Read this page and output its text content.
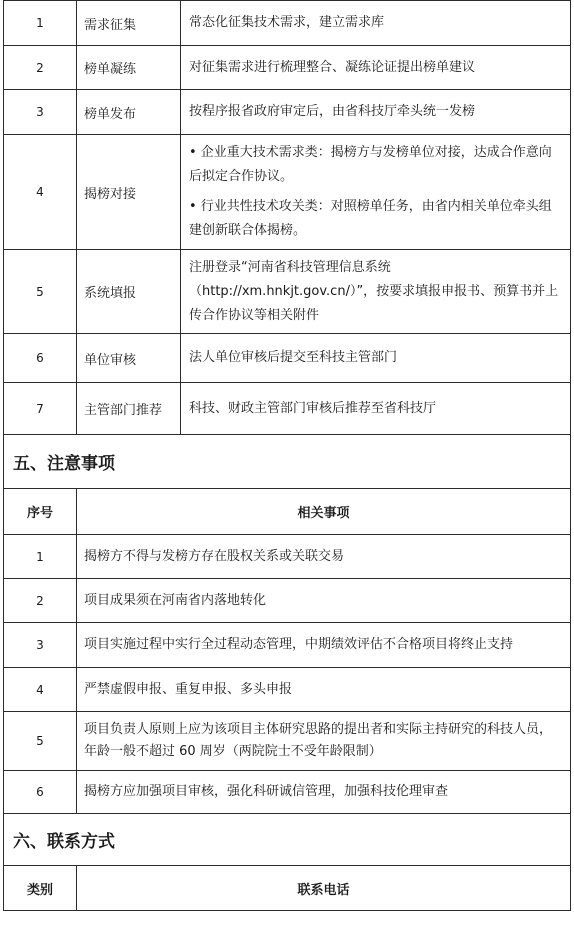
1	需求征集	常态化征集技术需求，建立需求库

2	榜单凝练	对征集需求进行梳理整合、凝练论证提出榜单建议

3	榜单发布	按程序报省政府审定后，由省科技厅牵头统一发榜

4	揭榜对接	• 企业重大技术需求类：揭榜方与发榜单位对接，达成合作意向后拟定合作协议。

• 行业共性技术攻关类：对照榜单任务，由省内相关单位牵头组建创新联合体揭榜。

5	系统填报	注册登录“河南省科技管理信息系统（http://xm.hnkjt.gov.cn/）”，按要求填报申报书、预算书并上传合作协议等相关附件

6	单位审核	法人单位审核后提交至科技主管部门

7	主管部门推荐	科技、财政主管部门审核后推荐至省科技厅

五、注意事项		
序号	相关事项	
1	揭榜方不得与发榜方存在股权关系或关联交易	
2	项目成果须在河南省内落地转化	
3	项目实施过程中实行全过程动态管理，中期绩效评估不合格项目将终止支持	
4	严禁虚假申报、重复申报、多头申报	
5	项目负责人原则上应为该项目主体研究思路的提出者和实际主持研究的科技人员，年龄一般不超过 60 周岁（两院院士不受年龄限制）	
6	揭榜方应加强项目审核，强化科研诚信管理，加强科技伦理审查	
六、联系方式		
类别	联系电话	
